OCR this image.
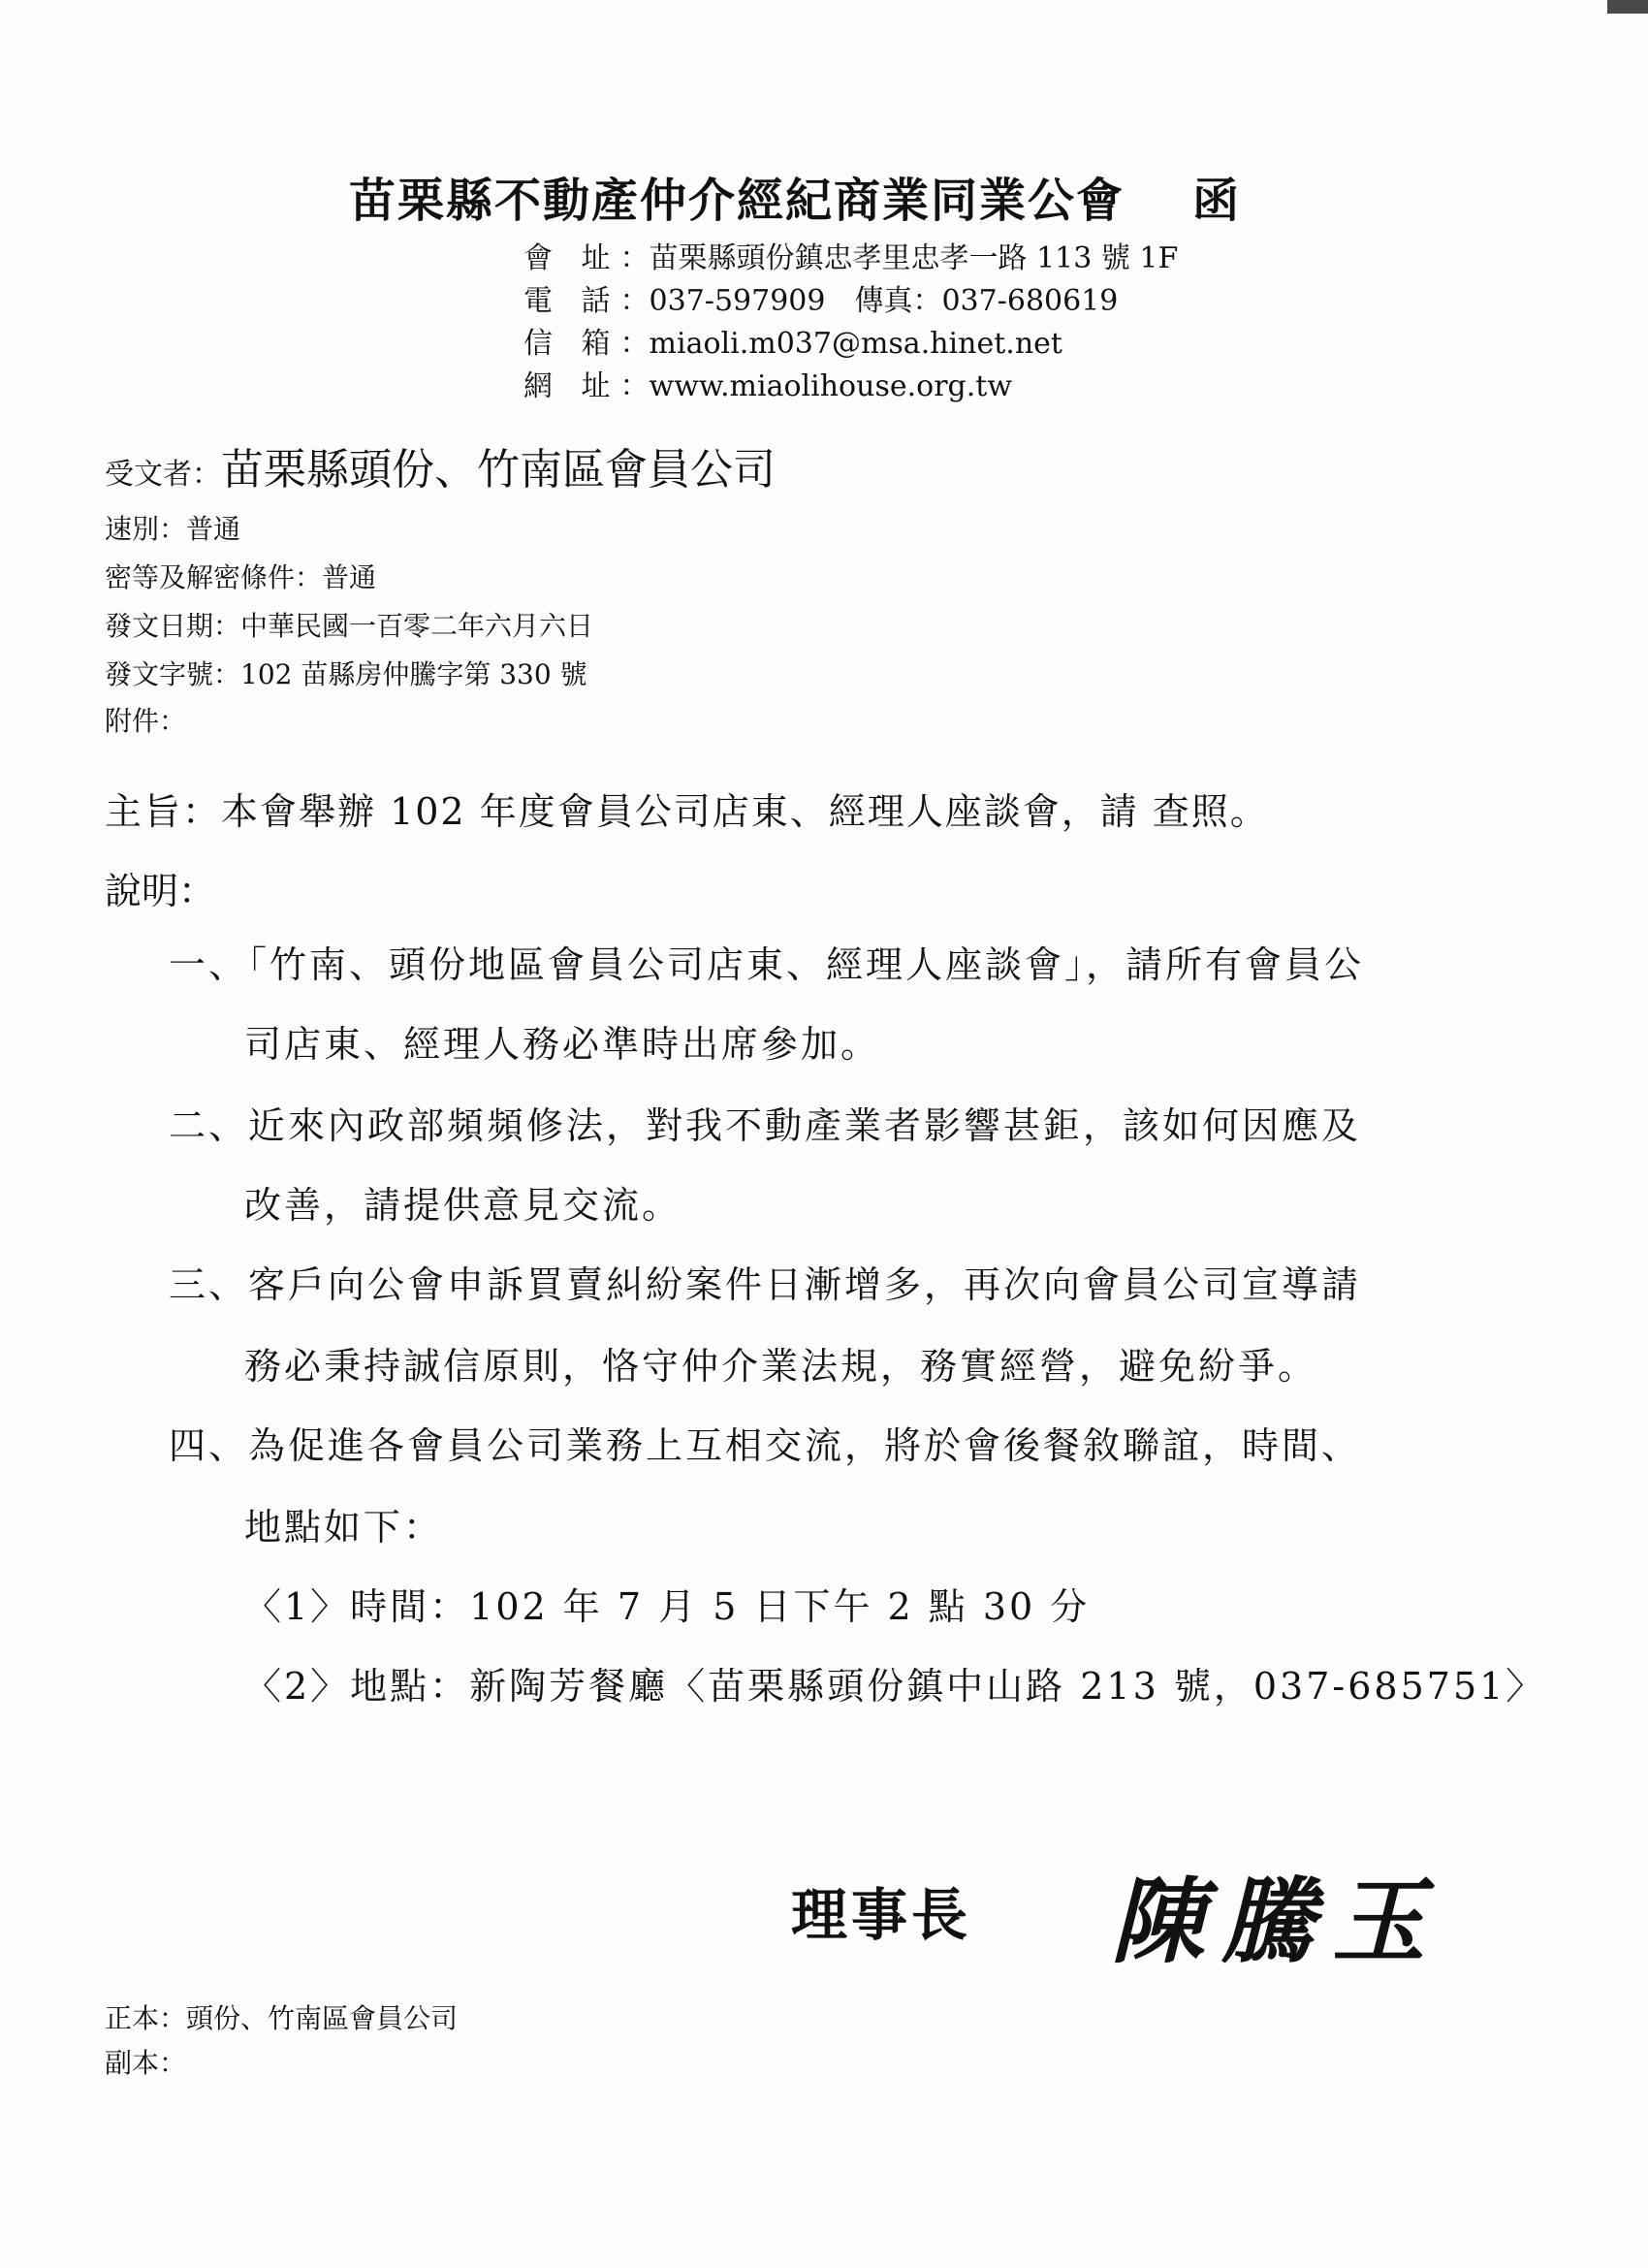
苗栗縣不動產仲介經紀商業同業公會 函
會 址：苗栗縣頭份鎮忠孝里忠孝一路 113 號 1F
電 話：037-597909　傳真：037-680619
信 箱：miaoli.m037@msa.hinet.net
網 址：www.miaolihouse.org.tw
受文者：苗栗縣頭份、竹南區會員公司
速別：普通
密等及解密條件：普通
發文日期：中華民國一百零二年六月六日
發文字號：102 苗縣房仲騰字第 330 號
附件：
主旨：本會舉辦 102 年度會員公司店東、經理人座談會，請 查照。
說明：
一、「竹南、頭份地區會員公司店東、經理人座談會」，請所有會員公
司店東、經理人務必準時出席參加。
二、近來內政部頻頻修法，對我不動產業者影響甚鉅，該如何因應及
改善，請提供意見交流。
三、客戶向公會申訴買賣糾紛案件日漸增多，再次向會員公司宣導請
務必秉持誠信原則，恪守仲介業法規，務實經營，避免紛爭。
四、為促進各會員公司業務上互相交流，將於會後餐敘聯誼，時間、
地點如下：
〈1〉時間：102 年 7 月 5 日下午 2 點 30 分
〈2〉地點：新陶芳餐廳〈苗栗縣頭份鎮中山路 213 號，037-685751〉
理事長 陳騰玉
正本：頭份、竹南區會員公司
副本：
